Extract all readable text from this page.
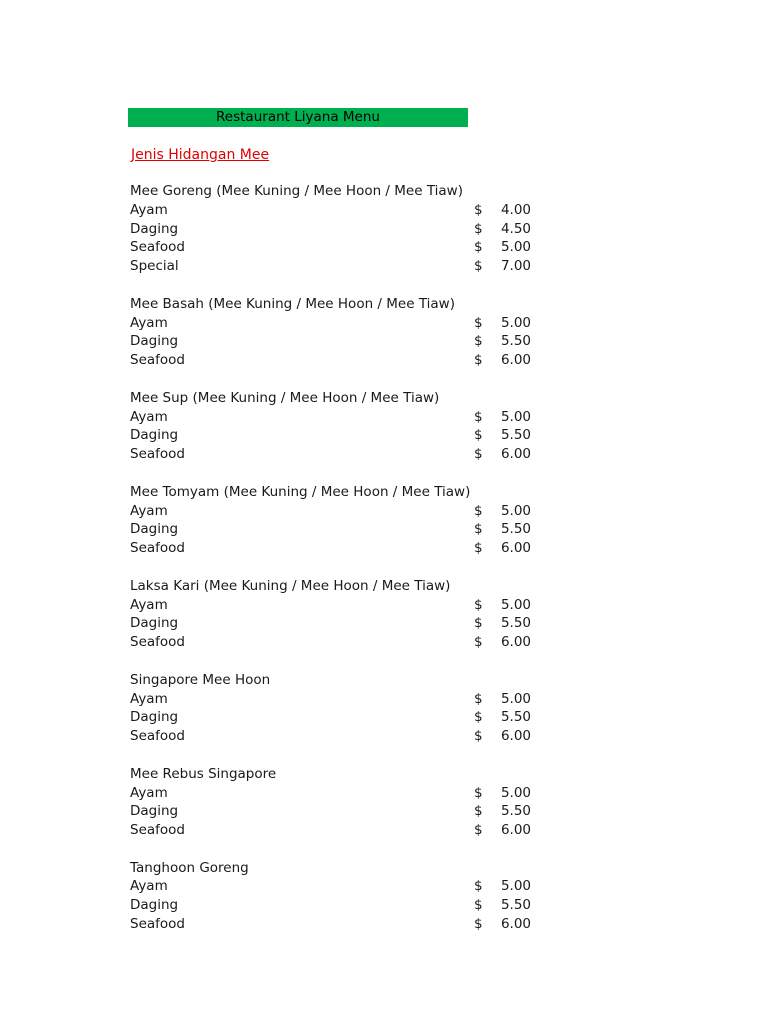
Restaurant Liyana Menu
Jenis Hidangan Mee
Mee Goreng (Mee Kuning / Mee Hoon / Mee Tiaw)
Ayam	$ 4.00
Daging	$ 4.50
Seafood	$ 5.00
Special	$ 7.00
Mee Basah (Mee Kuning / Mee Hoon / Mee Tiaw)
Ayam	$ 5.00
Daging	$ 5.50
Seafood	$ 6.00
Mee Sup (Mee Kuning / Mee Hoon / Mee Tiaw)
Ayam	$ 5.00
Daging	$ 5.50
Seafood	$ 6.00
Mee Tomyam (Mee Kuning / Mee Hoon / Mee Tiaw)
Ayam	$ 5.00
Daging	$ 5.50
Seafood	$ 6.00
Laksa Kari (Mee Kuning / Mee Hoon / Mee Tiaw)
Ayam	$ 5.00
Daging	$ 5.50
Seafood	$ 6.00
Singapore Mee Hoon
Ayam	$ 5.00
Daging	$ 5.50
Seafood	$ 6.00
Mee Rebus Singapore
Ayam	$ 5.00
Daging	$ 5.50
Seafood	$ 6.00
Tanghoon Goreng
Ayam	$ 5.00
Daging	$ 5.50
Seafood	$ 6.00
